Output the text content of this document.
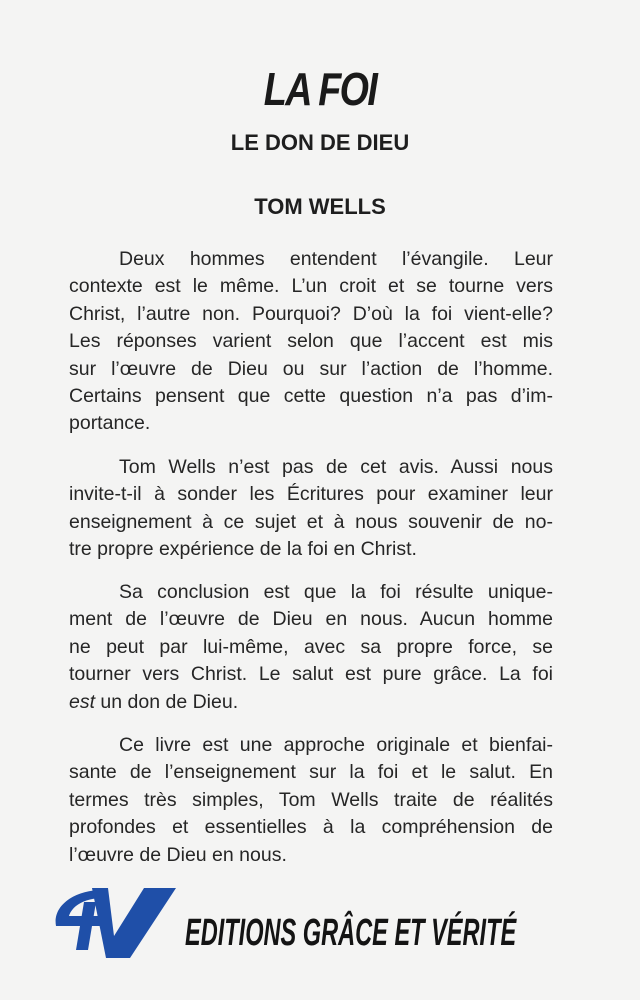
LA FOI
LE DON DE DIEU
TOM WELLS
Deux hommes entendent l’évangile. Leur
contexte est le même. L’un croit et se tourne vers
Christ, l’autre non. Pourquoi? D’où la foi vient-elle?
Les réponses varient selon que l’accent est mis
sur l’œuvre de Dieu ou sur l’action de l’homme.
Certains pensent que cette question n’a pas d’im-
portance.
Tom Wells n’est pas de cet avis. Aussi nous
invite-t-il à sonder les Écritures pour examiner leur
enseignement à ce sujet et à nous souvenir de no-
tre propre expérience de la foi en Christ.
Sa conclusion est que la foi résulte unique-
ment de l’œuvre de Dieu en nous. Aucun homme
ne peut par lui-même, avec sa propre force, se
tourner vers Christ. Le salut est pure grâce. La foi
est un don de Dieu.
Ce livre est une approche originale et bienfai-
sante de l’enseignement sur la foi et le salut. En
termes très simples, Tom Wells traite de réalités
profondes et essentielles à la compréhension de
l’œuvre de Dieu en nous.
EDITIONS GRÂCE ET VÉRITÉ
